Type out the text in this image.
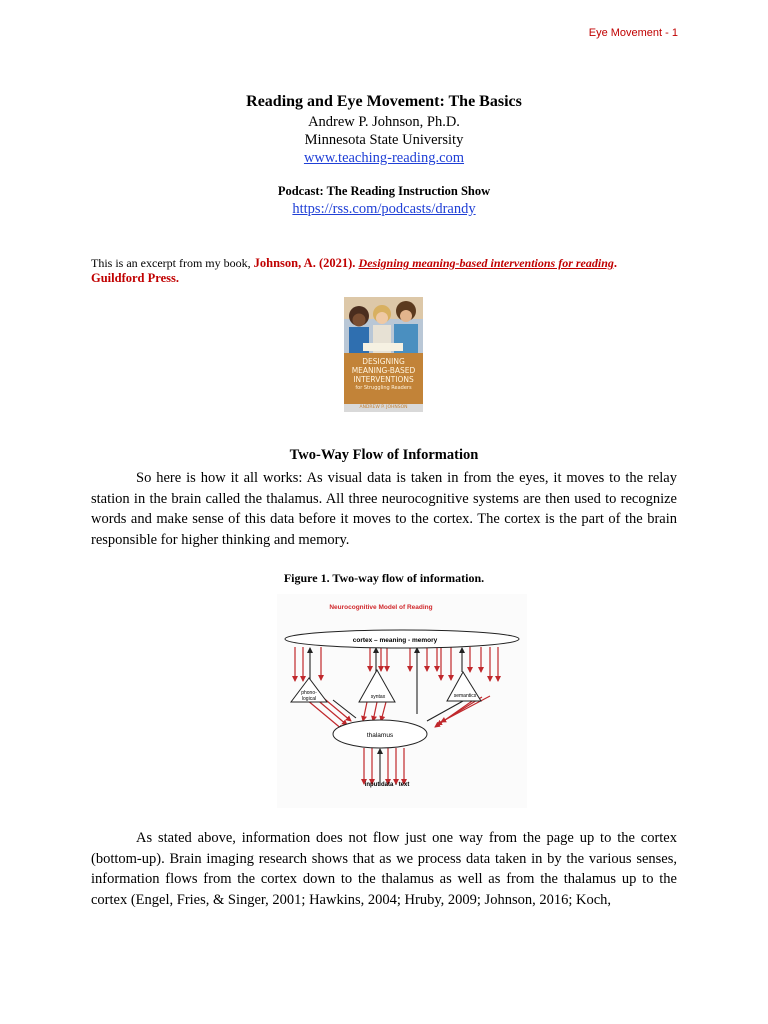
Eye Movement - 1
Reading and Eye Movement: The Basics
Andrew P. Johnson, Ph.D.
Minnesota State University
www.teaching-reading.com
Podcast: The Reading Instruction Show
https://rss.com/podcasts/drandy
This is an excerpt from my book, Johnson, A. (2021). Designing meaning-based interventions for reading.
Guildford Press.
DESIGNING
MEANING-BASED
INTERVENTIONS
for Struggling Readers
ANDREW P. JOHNSON
Two-Way Flow of Information
So here is how it all works: As visual data is taken in from the eyes, it moves to the relay station in the brain called the thalamus. All three neurocognitive systems are then used to recognize words and make sense of this data before it moves to the cortex. The cortex is the part of the brain responsible for higher thinking and memory.
Figure 1. Two-way flow of information.
Neurocognitive Model of Reading
cortex – meaning - memory
phono-
logical	syntax	semantics
thalamus
input data - text
As stated above, information does not flow just one way from the page up to the cortex (bottom-up). Brain imaging research shows that as we process data taken in by the various senses, information flows from the cortex down to the thalamus as well as from the thalamus up to the cortex (Engel, Fries, & Singer, 2001; Hawkins, 2004; Hruby, 2009; Johnson, 2016; Koch,
